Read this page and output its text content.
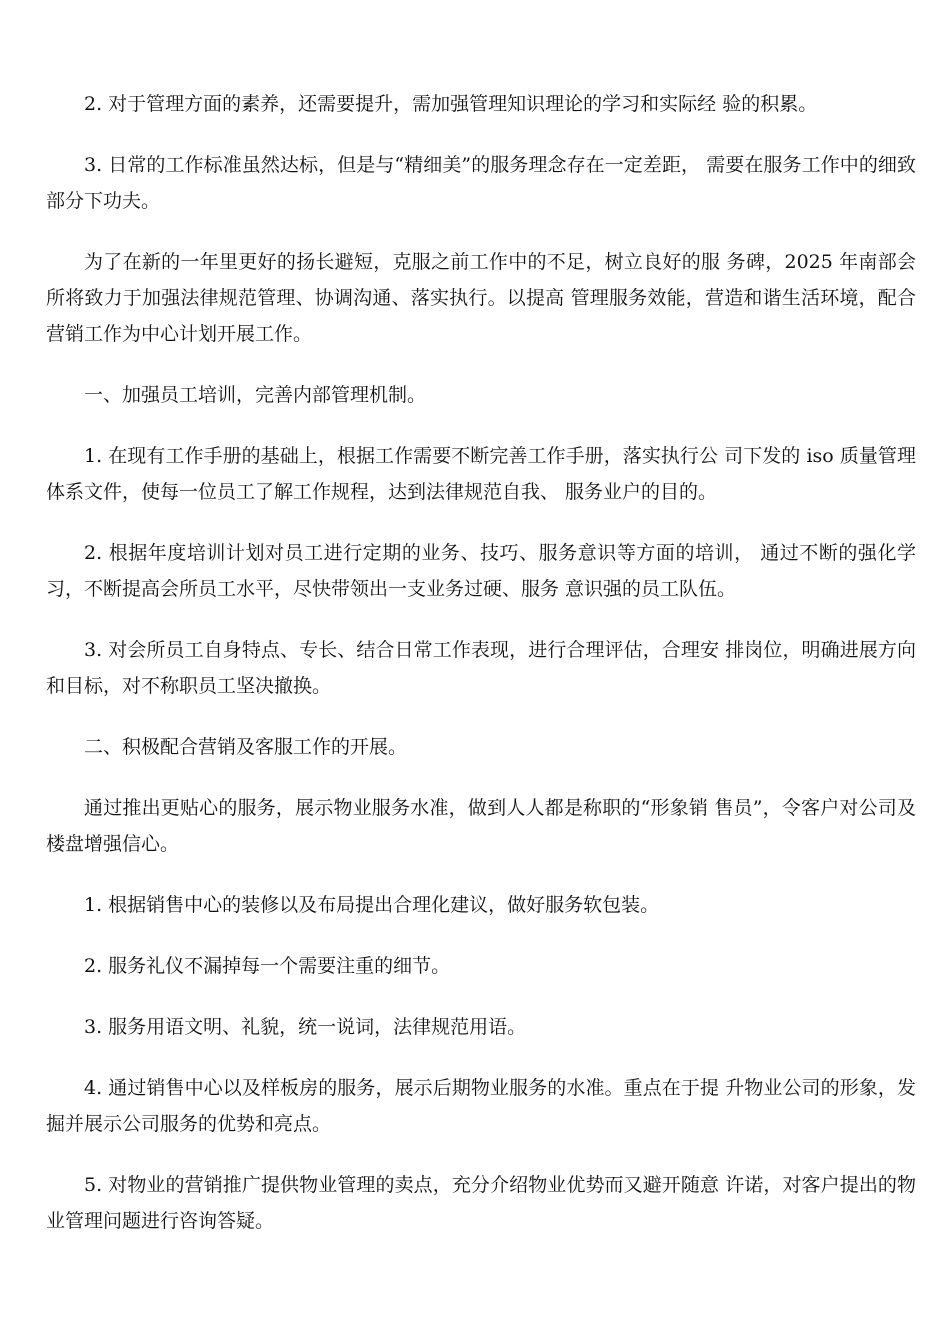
2. 对于管理方面的素养，还需要提升，需加强管理知识理论的学习和实际经 验的积累。

3. 日常的工作标准虽然达标，但是与“精细美”的服务理念存在一定差距， 需要在服务工作中的细致部分下功夫。

为了在新的一年里更好的扬长避短，克服之前工作中的不足，树立良好的服 务碑，2025 年南部会所将致力于加强法律规范管理、协调沟通、落实执行。以提高 管理服务效能，营造和谐生活环境，配合营销工作为中心计划开展工作。

一、加强员工培训，完善内部管理机制。

1. 在现有工作手册的基础上，根据工作需要不断完善工作手册，落实执行公 司下发的 iso 质量管理体系文件，使每一位员工了解工作规程，达到法律规范自我、 服务业户的目的。

2. 根据年度培训计划对员工进行定期的业务、技巧、服务意识等方面的培训， 通过不断的强化学习，不断提高会所员工水平，尽快带领出一支业务过硬、服务 意识强的员工队伍。

3. 对会所员工自身特点、专长、结合日常工作表现，进行合理评估，合理安 排岗位，明确进展方向和目标，对不称职员工坚决撤换。

二、积极配合营销及客服工作的开展。

通过推出更贴心的服务，展示物业服务水准，做到人人都是称职的“形象销 售员”，令客户对公司及楼盘增强信心。

1. 根据销售中心的装修以及布局提出合理化建议，做好服务软包装。

2. 服务礼仪不漏掉每一个需要注重的细节。

3. 服务用语文明、礼貌，统一说词，法律规范用语。

4. 通过销售中心以及样板房的服务，展示后期物业服务的水准。重点在于提 升物业公司的形象，发掘并展示公司服务的优势和亮点。

5. 对物业的营销推广提供物业管理的卖点，充分介绍物业优势而又避开随意 许诺，对客户提出的物业管理问题进行咨询答疑。
